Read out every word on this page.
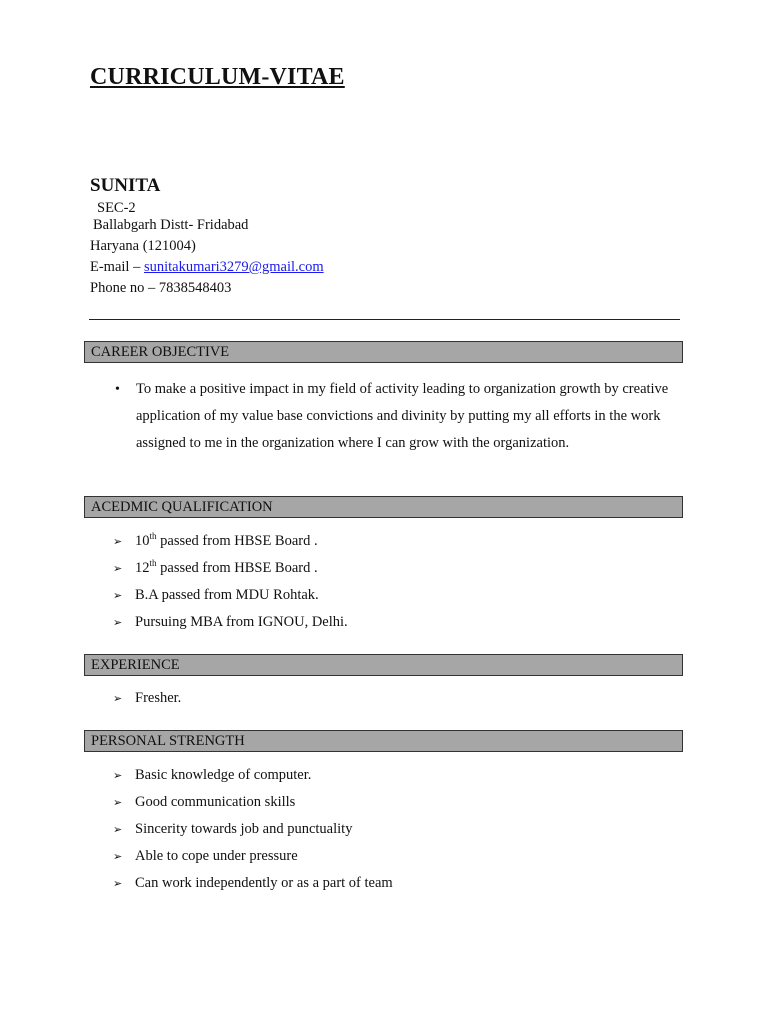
CURRICULUM-VITAE
SUNITA
SEC-2
Ballabgarh Distt- Fridabad
Haryana (121004)
E-mail – sunitakumari3279@gmail.com
Phone no – 7838548403
CAREER OBJECTIVE
• To make a positive impact in my field of activity leading to organization growth by creative application of my value base convictions and divinity by putting my all efforts in the work assigned to me in the organization where I can grow with the organization.
ACEDMIC QUALIFICATION
➢ 10th passed from HBSE Board .
➢ 12th passed from HBSE Board .
➢ B.A passed from MDU Rohtak.
➢ Pursuing MBA from IGNOU, Delhi.
EXPERIENCE
➢ Fresher.
PERSONAL STRENGTH
➢ Basic knowledge of computer.
➢ Good communication skills
➢ Sincerity towards job and punctuality
➢ Able to cope under pressure
➢ Can work independently or as a part of team
